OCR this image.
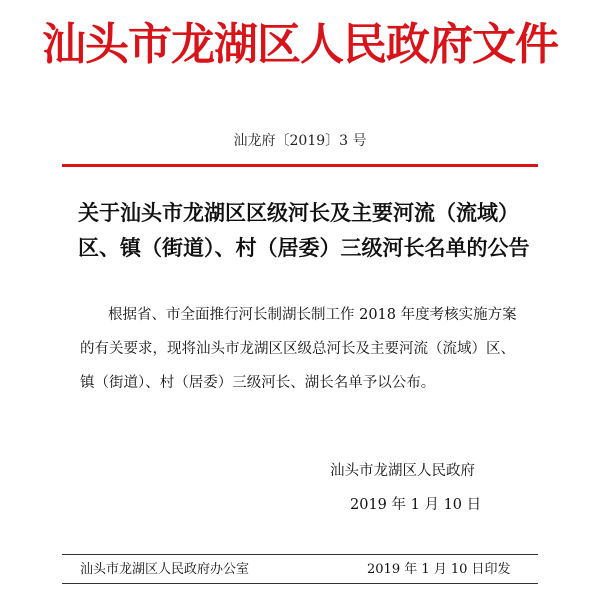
汕头市龙湖区人民政府文件
汕龙府〔2019〕3 号
关于汕头市龙湖区区级河长及主要河流（流域）
区、镇（街道）、村（居委）三级河长名单的公告
根据省、市全面推行河长制湖长制工作 2018 年度考核实施方案
的有关要求，现将汕头市龙湖区区级总河长及主要河流（流域）区、
镇（街道）、村（居委）三级河长、湖长名单予以公布。
汕头市龙湖区人民政府
2019 年 1 月 10 日
汕头市龙湖区人民政府办公室	2019 年 1 月 10 日印发
